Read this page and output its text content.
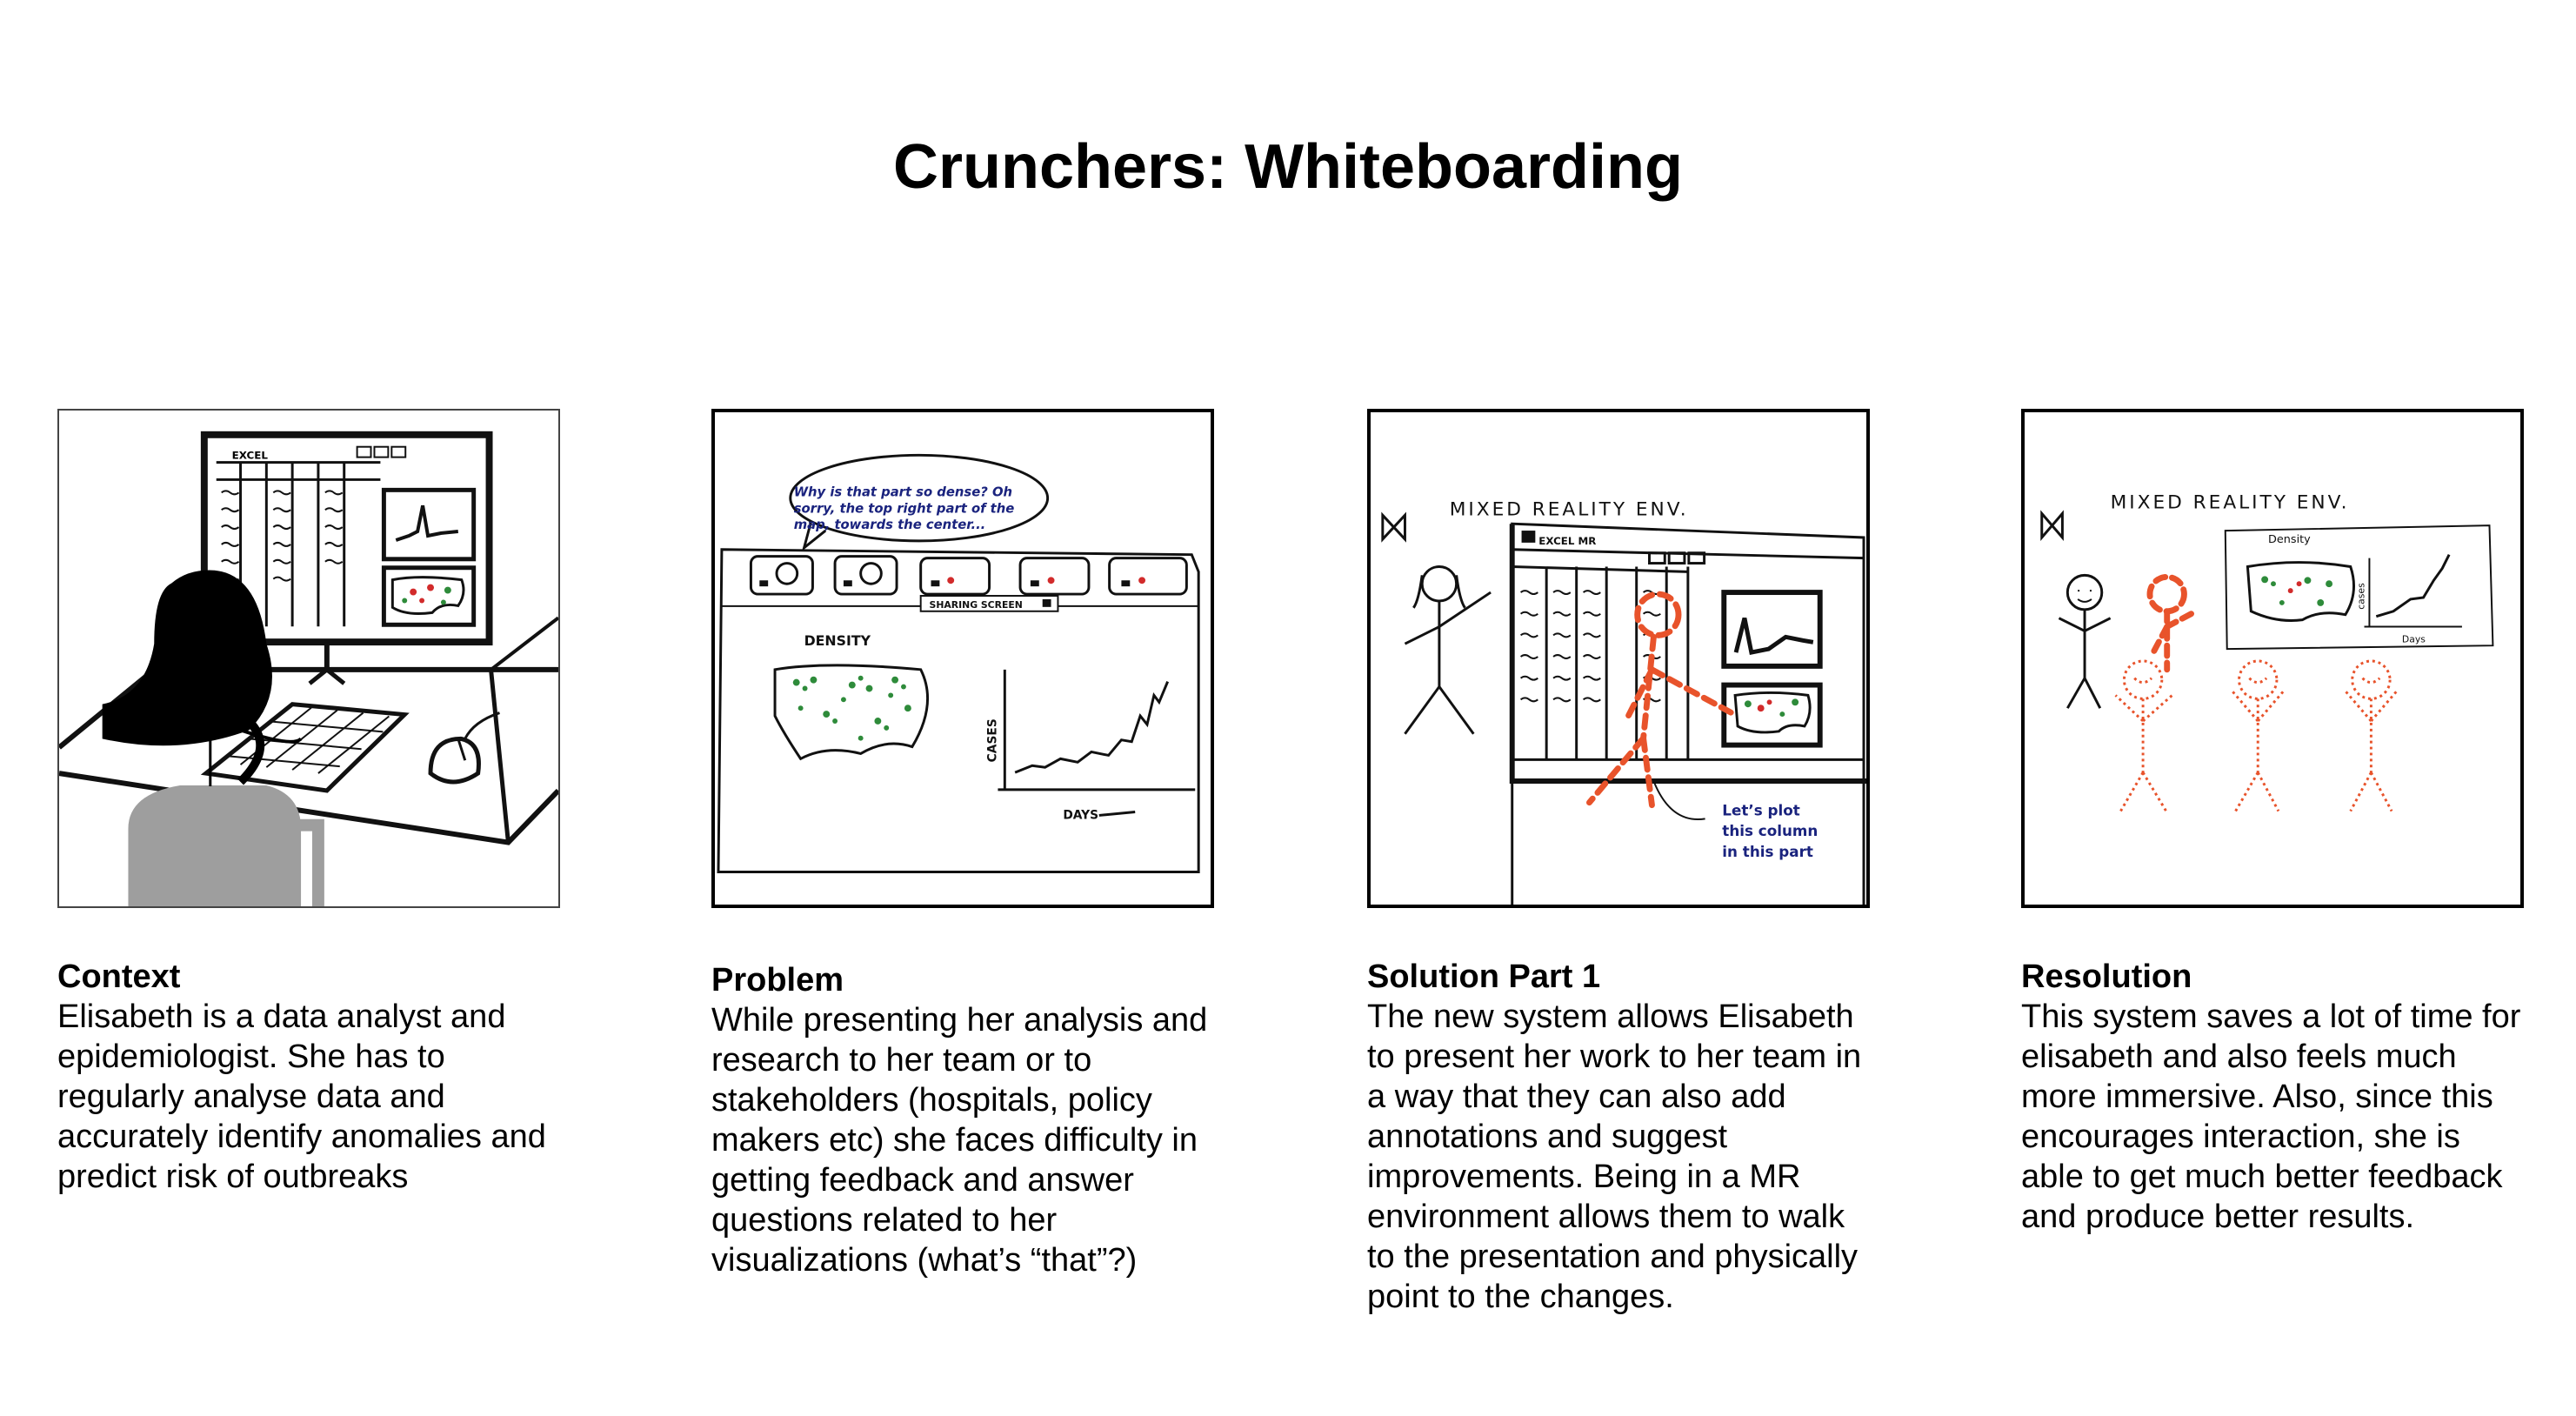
Crunchers: Whiteboarding
EXCEL

Context

Elisabeth is a data analyst and epidemiologist. She has to regularly analyse data and accurately identify anomalies and predict risk of outbreaks

Why is that part so dense? Oh
sorry, the top right part of the
map, towards the center...
SHARING SCREEN
DENSITY
CASES
DAYS

Problem

While presenting her analysis and research to her team or to stakeholders (hospitals, policy makers etc) she faces difficulty in getting feedback and answer questions related to her visualizations (what’s “that”?)

MIXED REALITY ENV.
EXCEL MR
Let’s plot
this column
in this part

Solution Part 1

The new system allows Elisabeth to present her work to her team in a way that they can also add annotations and suggest improvements. Being in a MR environment allows them to walk to the presentation and physically point to the changes.

MIXED REALITY ENV.
Density
cases
Days

Resolution

This system saves a lot of time for elisabeth and also feels much more immersive. Also, since this encourages interaction, she is able to get much better feedback and produce better results.
